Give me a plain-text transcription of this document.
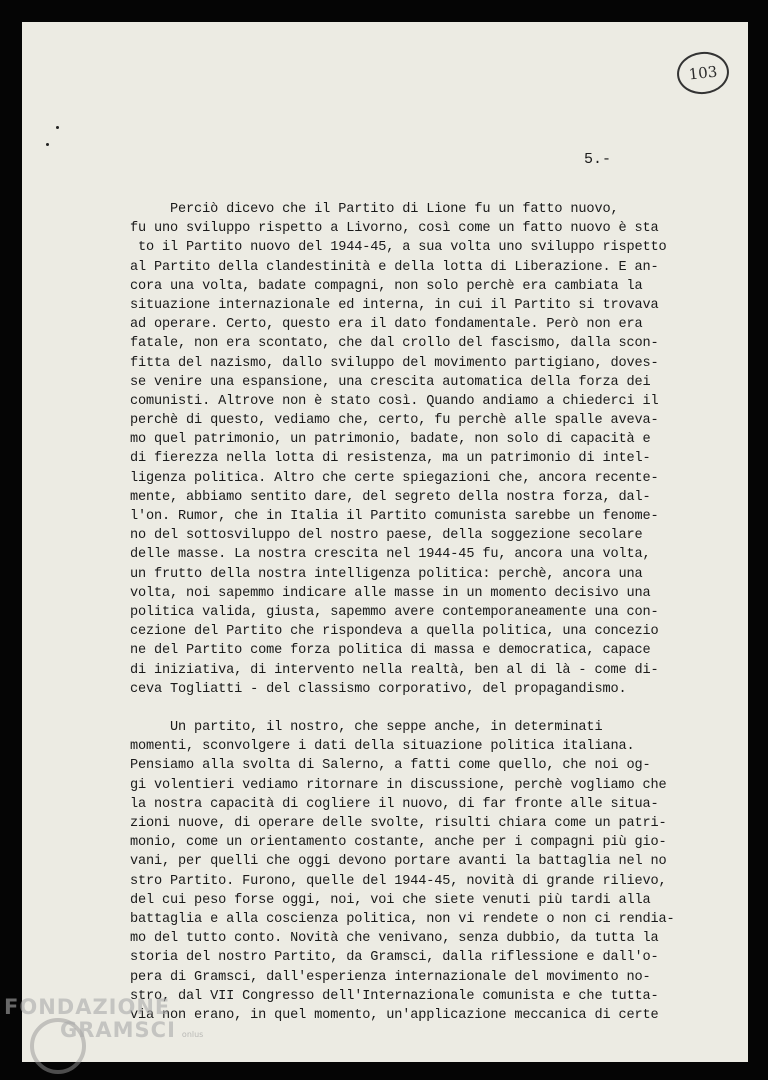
103
5.-
Perciò dicevo che il Partito di Lione fu un fatto nuovo,
fu uno sviluppo rispetto a Livorno, così come un fatto nuovo è sta
to il Partito nuovo del 1944-45, a sua volta uno sviluppo rispetto
al Partito della clandestinità e della lotta di Liberazione. E an-
cora una volta, badate compagni, non solo perchè era cambiata la
situazione internazionale ed interna, in cui il Partito si trovava
ad operare. Certo, questo era il dato fondamentale. Però non era
fatale, non era scontato, che dal crollo del fascismo, dalla scon-
fitta del nazismo, dallo sviluppo del movimento partigiano, doves-
se venire una espansione, una crescita automatica della forza dei
comunisti. Altrove non è stato così. Quando andiamo a chiederci il
perchè di questo, vediamo che, certo, fu perchè alle spalle aveva-
mo quel patrimonio, un patrimonio, badate, non solo di capacità e
di fierezza nella lotta di resistenza, ma un patrimonio di intel-
ligenza politica. Altro che certe spiegazioni che, ancora recente-
mente, abbiamo sentito dare, del segreto della nostra forza, dal-
l'on. Rumor, che in Italia il Partito comunista sarebbe un fenome-
no del sottosviluppo del nostro paese, della soggezione secolare
delle masse. La nostra crescita nel 1944-45 fu, ancora una volta,
un frutto della nostra intelligenza politica: perchè, ancora una
volta, noi sapemmo indicare alle masse in un momento decisivo una
politica valida, giusta, sapemmo avere contemporaneamente una con-
cezione del Partito che rispondeva a quella politica, una concezio
ne del Partito come forza politica di massa e democratica, capace
di iniziativa, di intervento nella realtà, ben al di là - come di-
ceva Togliatti - del classismo corporativo, del propagandismo.
Un partito, il nostro, che seppe anche, in determinati
momenti, sconvolgere i dati della situazione politica italiana.
Pensiamo alla svolta di Salerno, a fatti come quello, che noi og-
gi volentieri vediamo ritornare in discussione, perchè vogliamo che
la nostra capacità di cogliere il nuovo, di far fronte alle situa-
zioni nuove, di operare delle svolte, risulti chiara come un patri-
monio, come un orientamento costante, anche per i compagni più gio-
vani, per quelli che oggi devono portare avanti la battaglia nel no
stro Partito. Furono, quelle del 1944-45, novità di grande rilievo,
del cui peso forse oggi, noi, voi che siete venuti più tardi alla
battaglia e alla coscienza politica, non vi rendete o non ci rendia-
mo del tutto conto. Novità che venivano, senza dubbio, da tutta la
storia del nostro Partito, da Gramsci, dalla riflessione e dall'o-
pera di Gramsci, dall'esperienza internazionale del movimento no-
stro, dal VII Congresso dell'Internazionale comunista e che tutta-
via non erano, in quel momento, un'applicazione meccanica di certe
FONDAZIONE
GRAMSCI onlus
